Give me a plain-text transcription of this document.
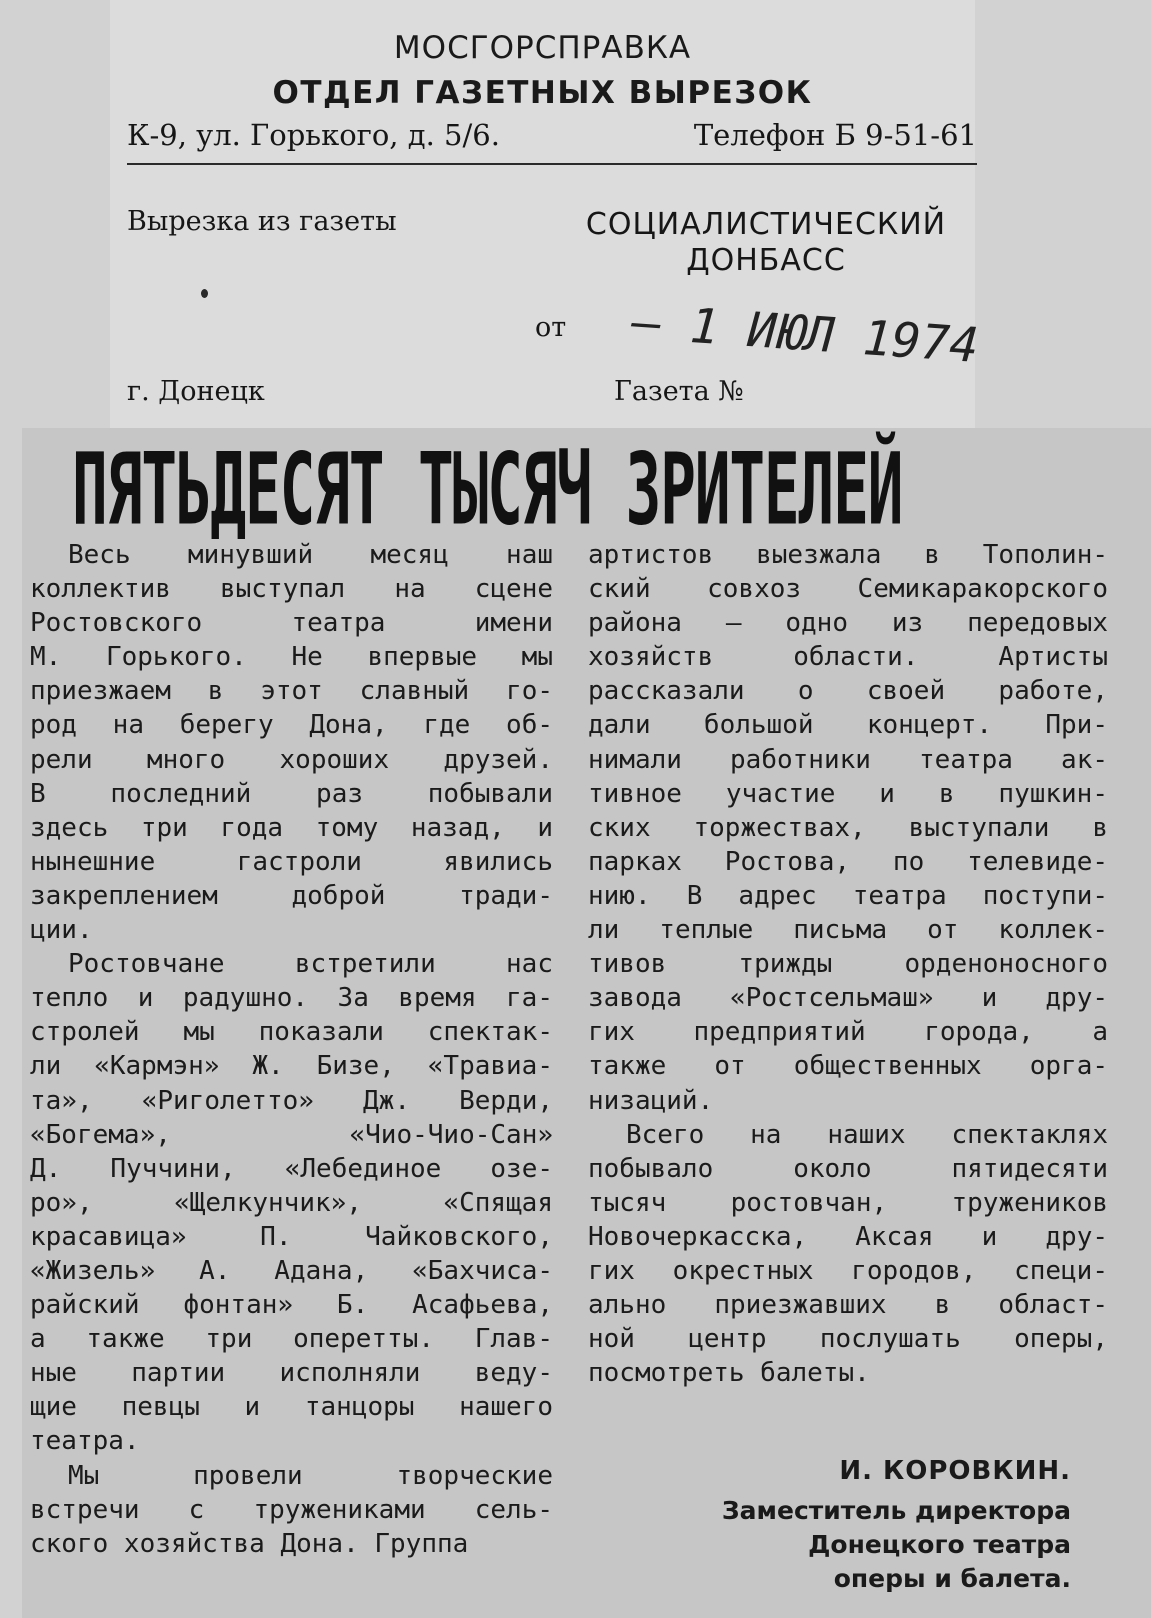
МОСГОРСПРАВКА
ОТДЕЛ ГАЗЕТНЫХ ВЫРЕЗОК
К-9, ул. Горького, д. 5/6.	Телефон Б 9-51-61
Вырезка из газеты	СОЦИАЛИСТИЧЕСКИЙ
ДОНБАСС
от — 1 ИЮЛ 1974
г. Донецк	Газета №
ПЯТЬДЕСЯТ ТЫСЯЧ ЗРИТЕЛЕЙ
Весь минувший месяц наш
коллектив выступал на сцене
Ростовского театра имени
М. Горького. Не впервые мы
приезжаем в этот славный го-
род на берегу Дона, где об-
рели много хороших друзей.
В последний раз побывали
здесь три года тому назад, и
нынешние гастроли явились
закреплением доброй тради-
ции.
Ростовчане встретили нас
тепло и радушно. За время га-
стролей мы показали спектак-
ли «Кармэн» Ж. Бизе, «Травиа-
та», «Риголетто» Дж. Верди,
«Богема», «Чио-Чио-Сан»
Д. Пуччини, «Лебединое озе-
ро», «Щелкунчик», «Спящая
красавица» П. Чайковского,
«Жизель» А. Адана, «Бахчиса-
райский фонтан» Б. Асафьева,
а также три оперетты. Глав-
ные партии исполняли веду-
щие певцы и танцоры нашего
театра.
Мы провели творческие
встречи с тружениками сель-
ского хозяйства Дона. Группа
артистов выезжала в Тополин-
ский совхоз Семикаракорского
района — одно из передовых
хозяйств области. Артисты
рассказали о своей работе,
дали большой концерт. При-
нимали работники театра ак-
тивное участие и в пушкин-
ских торжествах, выступали в
парках Ростова, по телевиде-
нию. В адрес театра поступи-
ли теплые письма от коллек-
тивов трижды орденоносного
завода «Ростсельмаш» и дру-
гих предприятий города, а
также от общественных орга-
низаций.
Всего на наших спектаклях
побывало около пятидесяти
тысяч ростовчан, тружеников
Новочеркасска, Аксая и дру-
гих окрестных городов, специ-
ально приезжавших в област-
ной центр послушать оперы,
посмотреть балеты.
И. КОРОВКИН.
Заместитель директора
Донецкого театра
оперы и балета.
